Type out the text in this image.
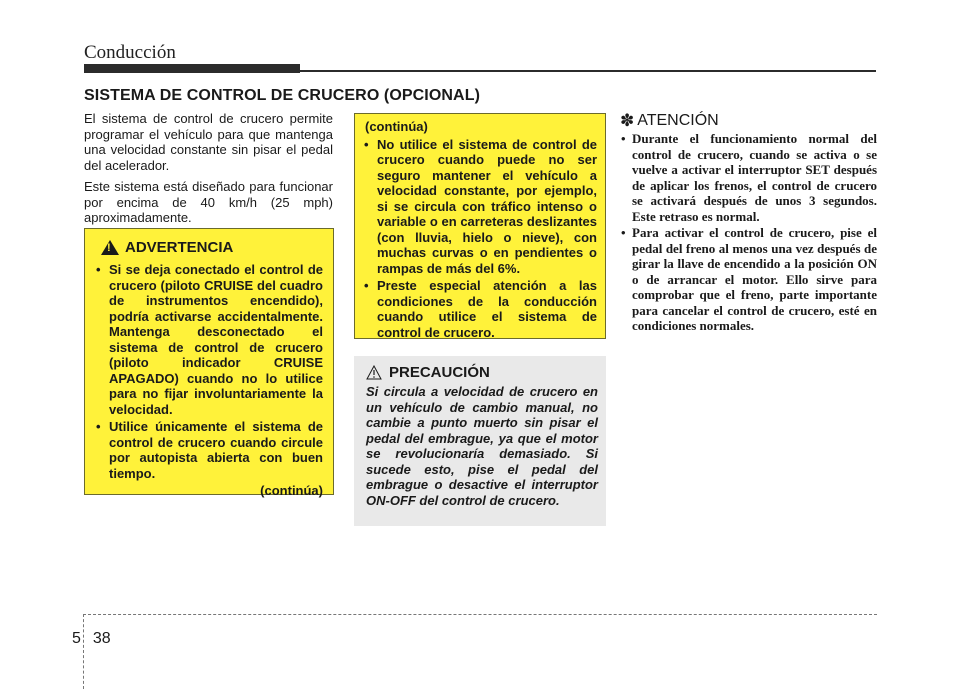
Conducción
SISTEMA DE CONTROL DE CRUCERO (OPCIONAL)

El sistema de control de crucero permite programar el vehículo para que mantenga una velocidad constante sin pisar el pedal del acelerador.

Este sistema está diseñado para funcionar por encima de 40 km/h (25 mph) aproximadamente.

!
ADVERTENCIA
• Si se deja conectado el control de crucero (piloto CRUISE del cuadro de instrumentos encendido), podría activarse accidentalmente. Mantenga desconectado el sistema de control de crucero (piloto indicador CRUISE APAGADO) cuando no lo utilice para no fijar involuntariamente la velocidad.
• Utilice únicamente el sistema de control de crucero cuando circule por autopista abierta con buen tiempo.
(continúa)
(continúa)
• No utilice el sistema de control de crucero cuando puede no ser seguro mantener el vehículo a velocidad constante, por ejemplo, si se circula con tráfico intenso o variable o en carreteras deslizantes (con lluvia, hielo o nieve), con muchas curvas o en pendientes o rampas de más del 6%.
• Preste especial atención a las condiciones de la conducción cuando utilice el sistema de control de crucero.
PRECAUCIÓN

Si circula a velocidad de crucero en un vehículo de cambio manual, no cambie a punto muerto sin pisar el pedal del embrague, ya que el motor se revolucionaría demasiado. Si sucede esto, pise el pedal del embrague o desactive el interruptor ON-OFF del control de crucero.

✽ ATENCIÓN
• Durante el funcionamiento normal del control de crucero, cuando se activa o se vuelve a activar el interruptor SET después de aplicar los frenos, el control de crucero se activará después de unos 3 segundos. Este retraso es normal.
• Para activar el control de crucero, pise el pedal del freno al menos una vez después de girar la llave de encendido a la posición ON o de arrancar el motor. Ello sirve para comprobar que el freno, parte importante para cancelar el control de crucero, esté en condiciones normales.
5 38
